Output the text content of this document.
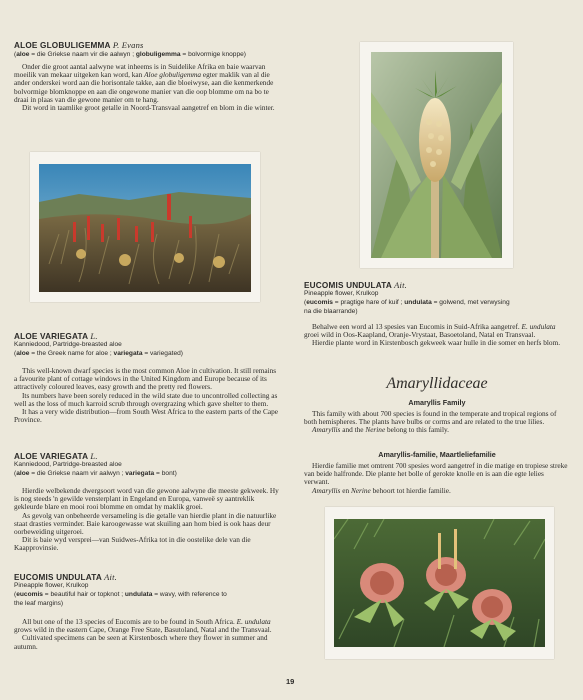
ALOE GLOBULIGEMMA P. Evans
(aloe = die Griekse naam vir die aalwyn ; globuligemma = bolvormige knoppe)

Onder die groot aantal aalwyne wat inheems is in Suidelike Afrika en baie waarvan moeilik van mekaar uitgeken kan word, kan Aloe globuligemma egter maklik van al die ander onderskei word aan die horisontale takke, aan die bloeiwyse, aan die kenmerkende bolvormige blomknoppe en aan die ongewone manier van die oop blomme om na bo te draai in plaas van die gewone manier om te hang.

Dit word in taamlike groot getalle in Noord-Transvaal aangetref en blom in die winter.

ALOE VARIEGATA L.
Kanniedood, Partridge-breasted aloe
(aloe = the Greek name for aloe ; variegata = variegated)

This well-known dwarf species is the most common Aloe in cultivation. It still remains a favourite plant of cottage windows in the United Kingdom and Europe because of its attractively coloured leaves, easy growth and the pretty red flowers.

Its numbers have been sorely reduced in the wild state due to uncontrolled collecting as well as the loss of much karroid scrub through overgrazing which gave shelter to them.

It has a very wide distribution—from South West Africa to the eastern parts of the Cape Province.

ALOE VARIEGATA L.
Kanniedood, Partridge-breasted aloe
(aloe = die Griekse naam vir aalwyn ; variegata = bont)

Hierdie welbekende dwergsoort word van die gewone aalwyne die meeste gekweek. Hy is nog steeds 'n gewilde vensterplant in Engeland en Europa, vanweë sy aantreklik gekleurde blare en mooi rooi blomme en omdat hy maklik groei.

As gevolg van onbeheerde versameling is die getalle van hierdie plant in die natuurlike staat drasties verminder. Baie karoogewasse wat skuiling aan hom bied is ook haas deur oorbeweiding uitgeroei.

Dit is baie wyd versprei—van Suidwes-Afrika tot in die oostelike dele van die Kaapprovinsie.

EUCOMIS UNDULATA Ait.
Pineapple flower, Krulkop
(eucomis = beautiful hair or topknot ; undulata = wavy, with reference to
the leaf margins)

All but one of the 13 species of Eucomis are to be found in South Africa. E. undulata grows wild in the eastern Cape, Orange Free State, Basutoland, Natal and the Transvaal.

Cultivated specimens can be seen at Kirstenbosch where they flower in summer and autumn.

EUCOMIS UNDULATA Ait.
Pineapple flower, Krulkop
(eucomis = pragtige hare of kuif ; undulata = golwend, met verwysing
na die blaarrande)

Behalwe een word al 13 spesies van Eucomis in Suid-Afrika aangetref. E. undulata groei wild in Oos-Kaapland, Oranje-Vrystaat, Basoetoland, Natal en Transvaal.

Hierdie plante word in Kirstenbosch gekweek waar hulle in die somer en herfs blom.

Amaryllidaceae
Amaryllis Family

This family with about 700 species is found in the temperate and tropical regions of both hemispheres. The plants have bulbs or corms and are related to the true lilies.

Amaryllis and the Nerine belong to this family.

Amaryllis-familie, Maartleliefamilie

Hierdie familie met omtrent 700 spesies word aangetref in die matige en tropiese streke van beide halfronde. Die plante het bolle of gerokte knolle en is aan die egte lelies verwant.

Amaryllis en Nerine behoort tot hierdie familie.

19
